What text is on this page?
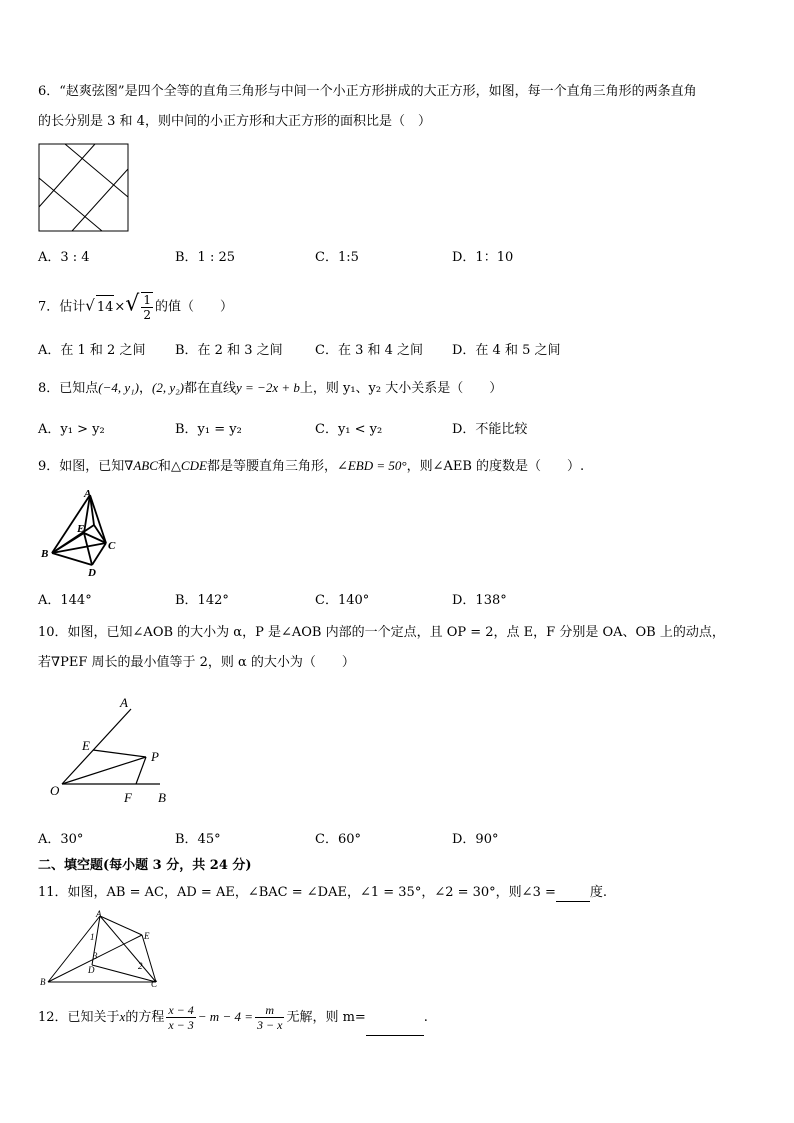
6．“赵爽弦图”是四个全等的直角三角形与中间一个小正方形拼成的大正方形，如图，每一个直角三角形的两条直角
的长分别是 3 和 4，则中间的小正方形和大正方形的面积比是（　）
A．3 : 4	B．1 : 25	C．1:5	D．1：10
7．估计√ $14\times√ \frac{1}{2}$ 的值（　　）
A．在 1 和 2 之间 B．在 2 和 3 之间 C．在 3 和 4 之间 D．在 4 和 5 之间
8．已知点(−4, y₁)，(2, y₂)都在直线y = −2x + b上，则 y₁、y₂ 大小关系是（　　）
A．y₁ > y₂	B．y₁ = y₂	C．y₁ < y₂	D．不能比较
9．如图，已知∇ABC和△CDE都是等腰直角三角形，∠EBD = 50°，则∠AEB 的度数是（　　）.
A
E
B
C
D
A．144°	B．142°	C．140°	D．138°
10．如图，已知∠AOB 的大小为 α，P 是∠AOB 内部的一个定点，且 OP = 2，点 E，F 分别是 OA、OB 上的动点，
若∇PEF 周长的最小值等于 2，则 α 的大小为（　　）
A
E
P
O	F B
A．30°	B．45°	C．60°	D．90°
二、填空题(每小题 3 分，共 24 分)
11．如图，AB = AC，AD = AE，∠BAC = ∠DAE，∠1 = 35°，∠2 = 30°，则∠3 =	度.
A
E
1
3
D	2
B	C
12．已知关于x的方程 $\frac{x - 4}{x - 3} - m - 4 = \frac{m}{3 - x}$ 无解，则 m=	.
